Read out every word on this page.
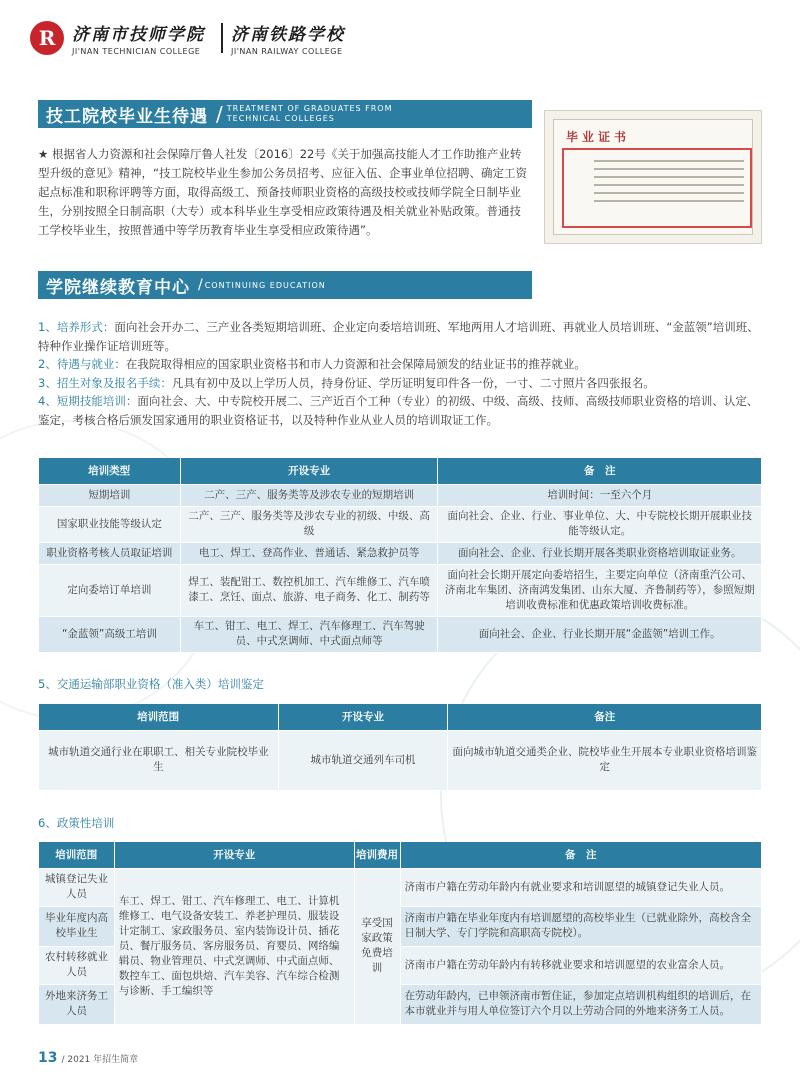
R 济南市技师学院
JI'NAN TECHNICIAN COLLEGE
济南铁路学校
JI'NAN RAILWAY COLLEGE
技工院校毕业生待遇 / TREATMENT OF GRADUATES FROM
TECHNICAL COLLEGES
★ 根据省人力资源和社会保障厅鲁人社发〔2016〕22号《关于加强高技能人才工作助推产业转型升级的意见》精神，“技工院校毕业生参加公务员招考、应征入伍、企事业单位招聘、确定工资起点标准和职称评聘等方面，取得高级工、预备技师职业资格的高级技校或技师学院全日制毕业生，分别按照全日制高职（大专）或本科毕业生享受相应政策待遇及相关就业补贴政策。普通技工学校毕业生，按照普通中等学历教育毕业生享受相应政策待遇”。
毕业证书
学院继续教育中心 / CONTINUING EDUCATION
1、培养形式：面向社会开办二、三产业各类短期培训班、企业定向委培培训班、军地两用人才培训班、再就业人员培训班、“金蓝领”培训班、特种作业操作证培训班等。
2、待遇与就业：在我院取得相应的国家职业资格书和市人力资源和社会保障局颁发的结业证书的推荐就业。
3、招生对象及报名手续：凡具有初中及以上学历人员，持身份证、学历证明复印件各一份，一寸、二寸照片各四张报名。
4、短期技能培训：面向社会、大、中专院校开展二、三产近百个工种（专业）的初级、中级、高级、技师、高级技师职业资格的培训、认定、鉴定，考核合格后颁发国家通用的职业资格证书，以及特种作业从业人员的培训取证工作。
培训类型	开设专业	备　注
短期培训	二产、三产、服务类等及涉农专业的短期培训	培训时间：一至六个月
国家职业技能等级认定	二产、三产、服务类等及涉农专业的初级、中级、高级	面向社会、企业、行业、事业单位、大、中专院校长期开展职业技能等级认定。
职业资格考核人员取证培训	电工、焊工、登高作业、普通话、紧急救护员等	面向社会、企业、行业长期开展各类职业资格培训取证业务。
定向委培订单培训	焊工、装配钳工、数控机加工、汽车维修工、汽车喷漆工、烹饪、面点、旅游、电子商务、化工、制药等	面向社会长期开展定向委培招生，主要定向单位（济南重汽公司、济南北车集团、济南鸿发集团、山东大厦、齐鲁制药等），参照短期培训收费标准和优惠政策培训收费标准。
“金蓝领”高级工培训	车工、钳工、电工、焊工、汽车修理工、汽车驾驶员、中式烹调师、中式面点师等	面向社会、企业、行业长期开展“金蓝领”培训工作。
5、交通运输部职业资格（准入类）培训鉴定
培训范围	开设专业	备注
城市轨道交通行业在职职工、相关专业院校毕业生	城市轨道交通列车司机	面向城市轨道交通类企业、院校毕业生开展本专业职业资格培训鉴定
6、政策性培训
培训范围	开设专业	培训费用	备　注
城镇登记失业人员	车工、焊工、钳工、汽车修理工、电工、计算机维修工、电气设备安装工、养老护理员、服装设计定制工、家政服务员、室内装饰设计员、插花员、餐厅服务员、客房服务员、育婴员、网络编辑员、物业管理员、中式烹调师、中式面点师、数控车工、面包烘焙、汽车美容、汽车综合检测与诊断、手工编织等	享受国家政策免费培训	济南市户籍在劳动年龄内有就业要求和培训愿望的城镇登记失业人员。
毕业年度内高校毕业生			济南市户籍在毕业年度内有培训愿望的高校毕业生（已就业除外，高校含全日制大学、专门学院和高职高专院校）。
农村转移就业人员			济南市户籍在劳动年龄内有转移就业要求和培训愿望的农业富余人员。
外地来济务工人员			在劳动年龄内，已申领济南市暂住证，参加定点培训机构组织的培训后，在本市就业并与用人单位签订六个月以上劳动合同的外地来济务工人员。
13 / 2021 年招生简章
